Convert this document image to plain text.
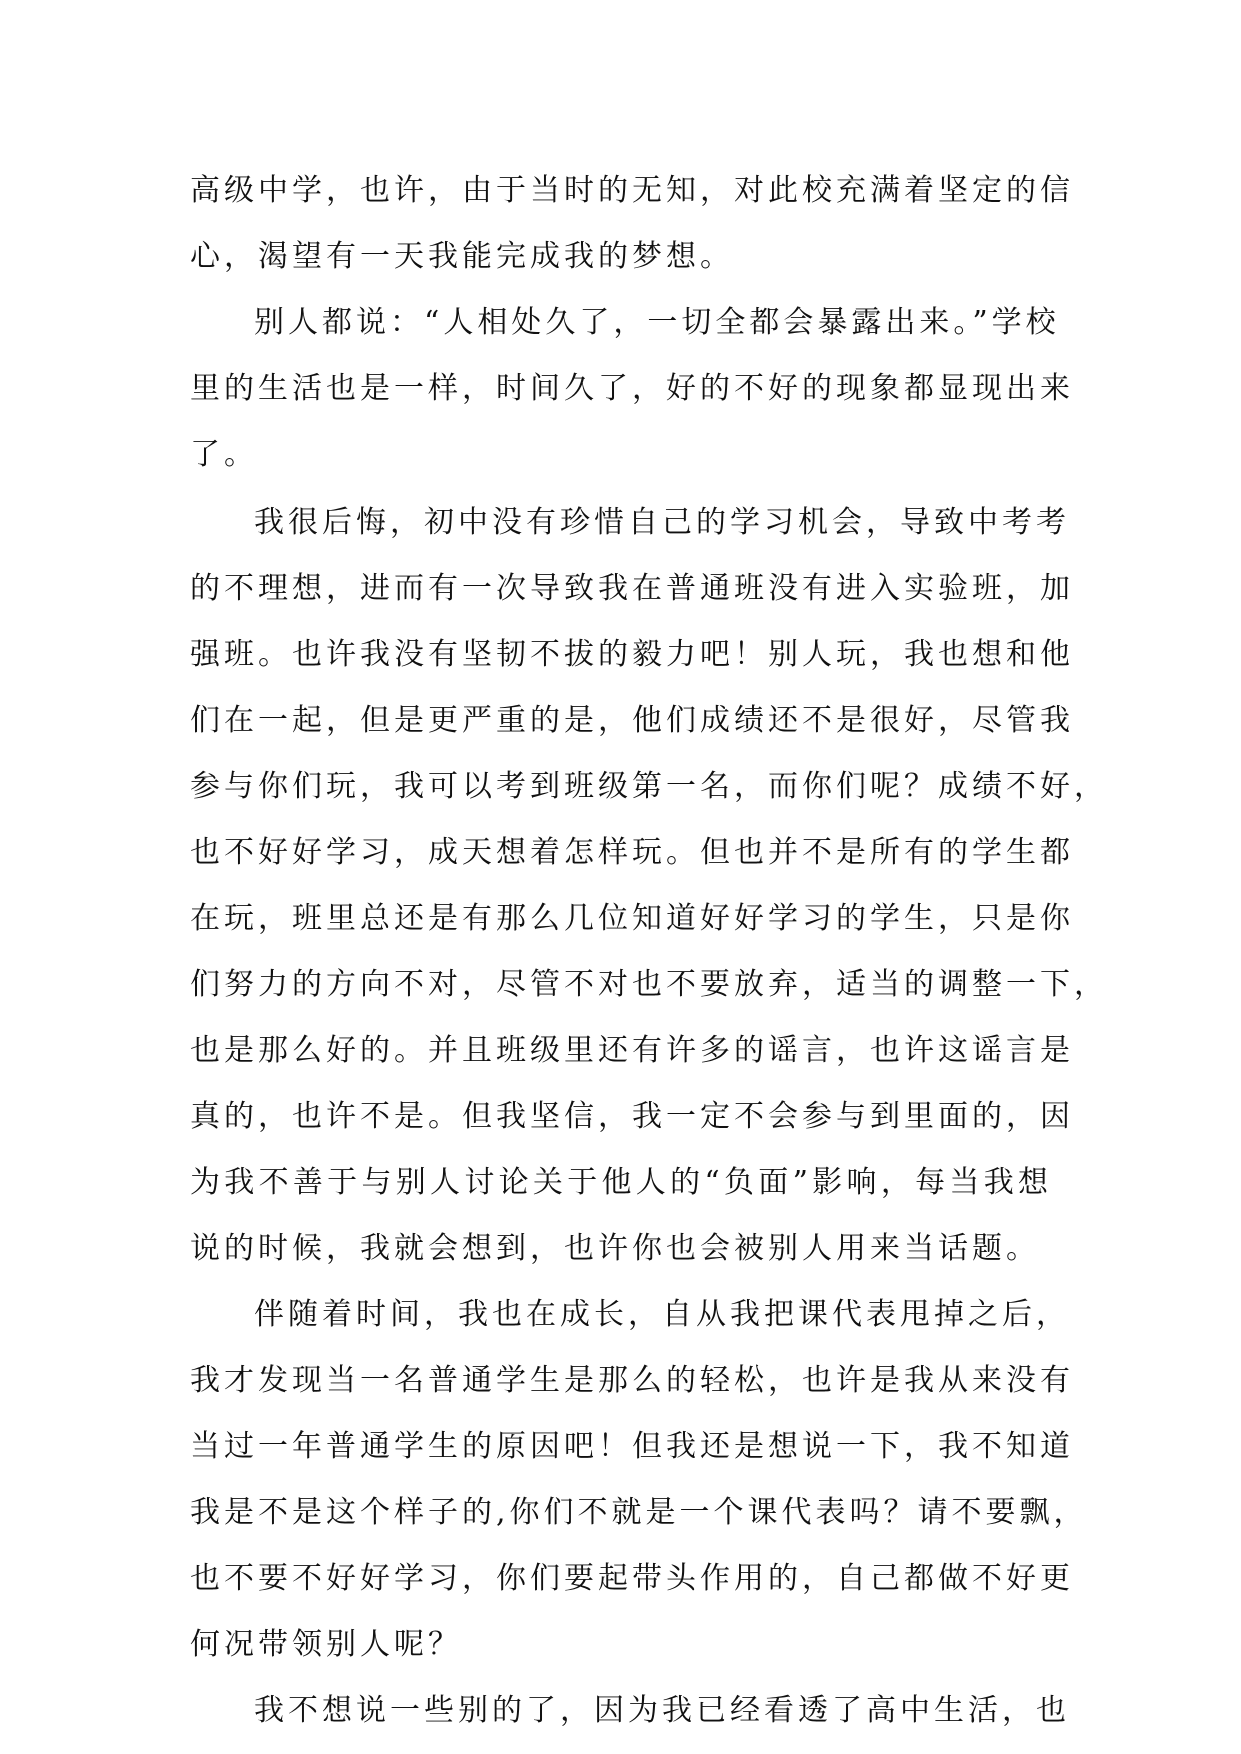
高级中学，也许，由于当时的无知，对此校充满着坚定的信
心，渴望有一天我能完成我的梦想。
别人都说：“人相处久了，一切全都会暴露出来。”学校
里的生活也是一样，时间久了，好的不好的现象都显现出来
了。
我很后悔，初中没有珍惜自己的学习机会，导致中考考
的不理想，进而有一次导致我在普通班没有进入实验班，加
强班。也许我没有坚韧不拔的毅力吧！别人玩，我也想和他
们在一起，但是更严重的是，他们成绩还不是很好，尽管我
参与你们玩，我可以考到班级第一名，而你们呢？成绩不好，
也不好好学习，成天想着怎样玩。但也并不是所有的学生都
在玩，班里总还是有那么几位知道好好学习的学生，只是你
们努力的方向不对，尽管不对也不要放弃，适当的调整一下，
也是那么好的。并且班级里还有许多的谣言，也许这谣言是
真的，也许不是。但我坚信，我一定不会参与到里面的，因
为我不善于与别人讨论关于他人的“负面”影响，每当我想
说的时候，我就会想到，也许你也会被别人用来当话题。
伴随着时间，我也在成长，自从我把课代表甩掉之后，
我才发现当一名普通学生是那么的轻松，也许是我从来没有
当过一年普通学生的原因吧！但我还是想说一下，我不知道
我是不是这个样子的,你们不就是一个课代表吗？请不要飘，
也不要不好好学习，你们要起带头作用的，自己都做不好更
何况带领别人呢？
我不想说一些别的了，因为我已经看透了高中生活，也
